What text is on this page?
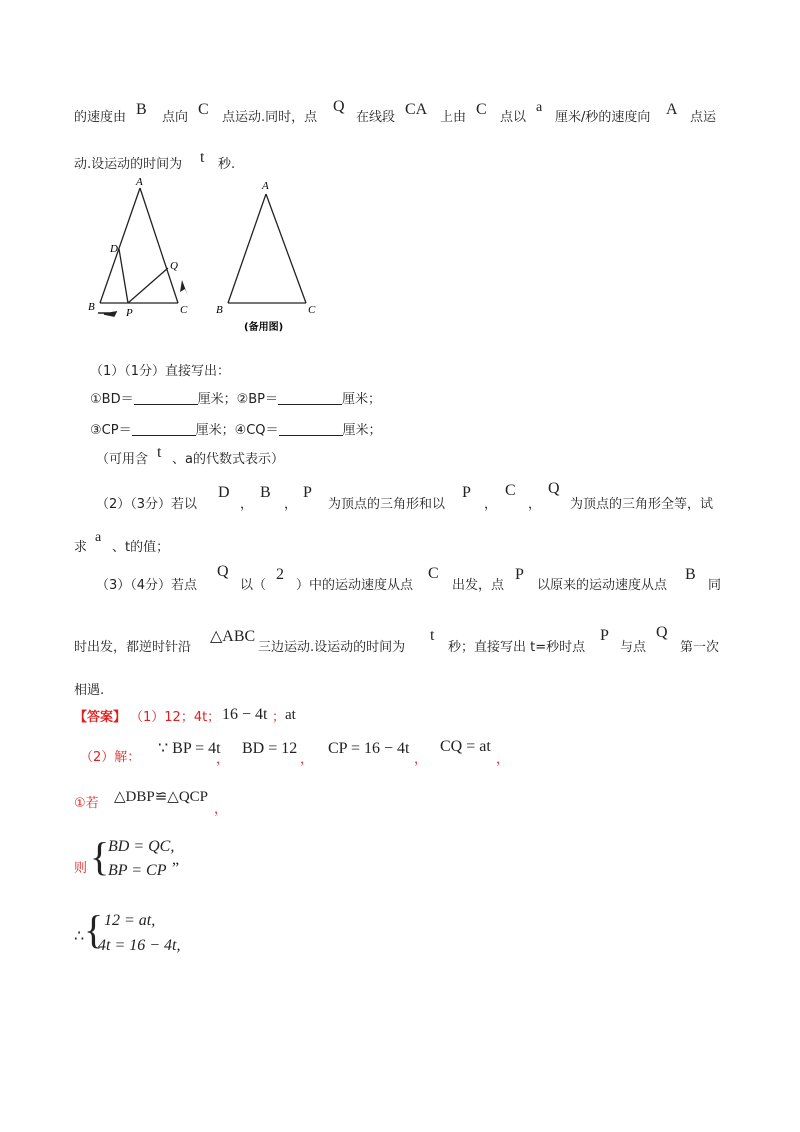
的速度由 B 点向 C 点运动.同时，点
Q
在线段 CA 上由 C 点以
a
厘米/秒的速度向 A 点运
动.设运动的时间为 t 秒.
A
D
Q
B	P	C
A
B	C
(备用图)
（1）（1分）直接写出：
①BD＝	厘米；②BP＝	厘米；
③CP＝	厘米；④CQ＝	厘米；
（可用含 t 、a的代数式表示）
（2）（3分）若以
D
，
B
，
P
为顶点的三角形和以
P
，
C
，
Q
为顶点的三角形全等，试
求
a
、t的值；
（3）（4分）若点
Q
以（
2
）中的运动速度从点
C
出发，点
P
以原来的运动速度从点
B
同
时出发，都逆时针沿
△ABC
三边运动.设运动的时间为
t
秒；直接写出 t=秒时点
P
与点
Q
第一次
相遇.
【答案】 （1）12；4t； 16 − 4t ； at
（2）解：
∵ BP = 4t
，
BD = 12
，
CP = 16 − 4t
，
CQ = at
，
①若 △DBP≌△QCP
，
则 {
BD = QC,
BP = CP ”
∴ { 12 = at,
4t = 16 − 4t,
